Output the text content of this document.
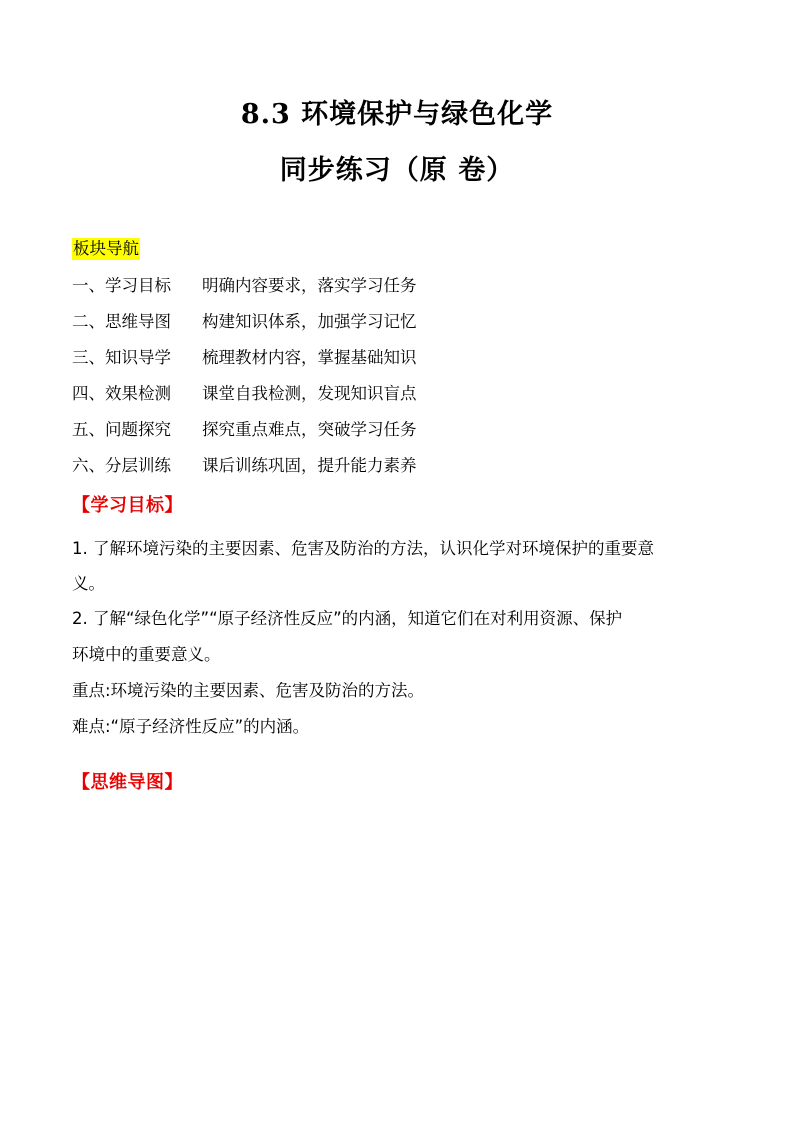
8.3 环境保护与绿色化学
同步练习（原 卷）
板块导航
一、学习目标 明确内容要求，落实学习任务
二、思维导图 构建知识体系，加强学习记忆
三、知识导学 梳理教材内容，掌握基础知识
四、效果检测 课堂自我检测，发现知识盲点
五、问题探究 探究重点难点，突破学习任务
六、分层训练 课后训练巩固，提升能力素养
【学习目标】
1. 了解环境污染的主要因素、危害及防治的方法，认识化学对环境保护的重要意
义。
2. 了解“绿色化学”“原子经济性反应”的内涵，知道它们在对利用资源、保护
环境中的重要意义。
重点:环境污染的主要因素、危害及防治的方法。
难点:“原子经济性反应”的内涵。
【思维导图】
